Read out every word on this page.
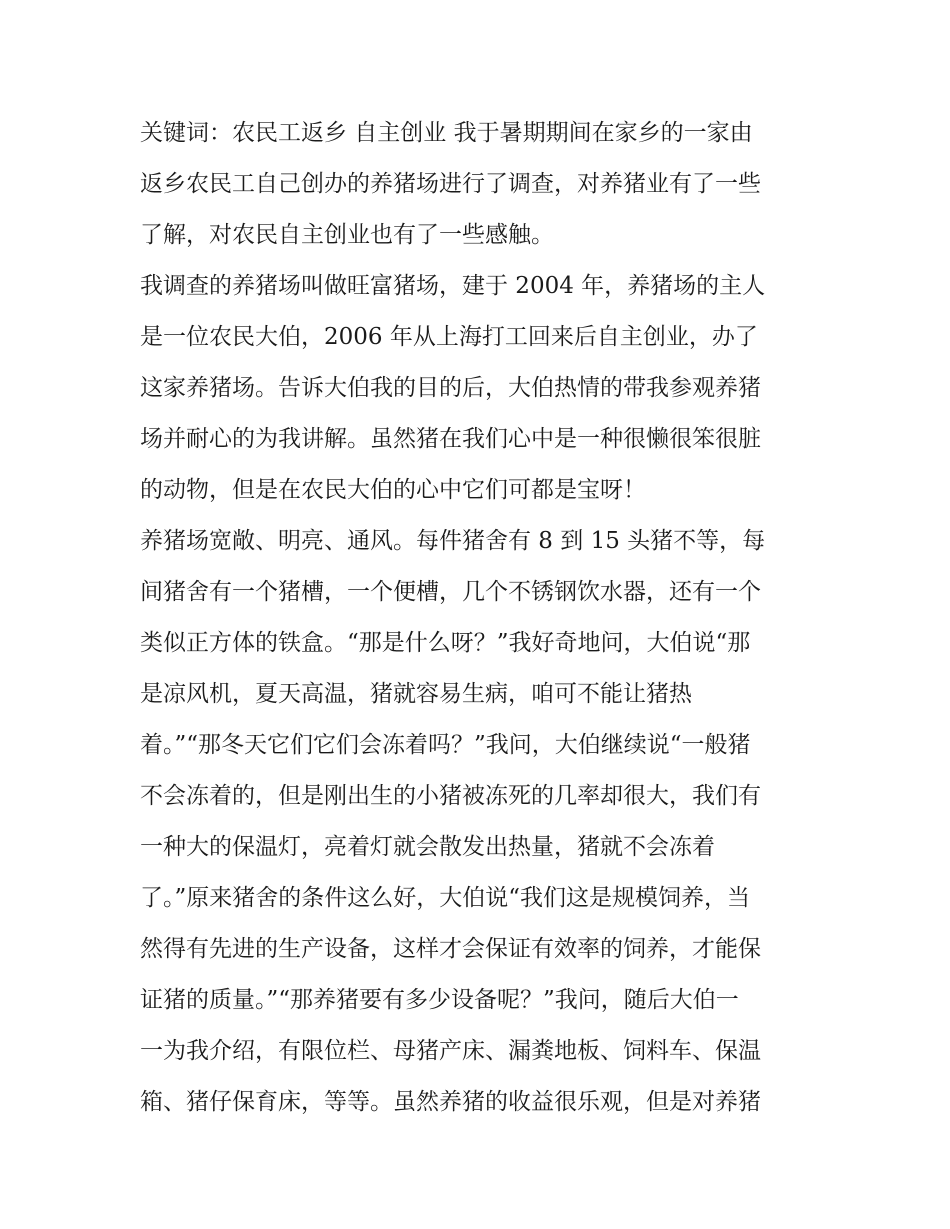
关键词：农民工返乡 自主创业 我于暑期期间在家乡的一家由
返乡农民工自己创办的养猪场进行了调查，对养猪业有了一些
了解，对农民自主创业也有了一些感触。
我调查的养猪场叫做旺富猪场，建于 2004 年，养猪场的主人
是一位农民大伯，2006 年从上海打工回来后自主创业，办了
这家养猪场。告诉大伯我的目的后，大伯热情的带我参观养猪
场并耐心的为我讲解。虽然猪在我们心中是一种很懒很笨很脏
的动物，但是在农民大伯的心中它们可都是宝呀！
养猪场宽敞、明亮、通风。每件猪舍有 8 到 15 头猪不等，每
间猪舍有一个猪槽，一个便槽，几个不锈钢饮水器，还有一个
类似正方体的铁盒。“那是什么呀？”我好奇地问，大伯说“那
是凉风机，夏天高温，猪就容易生病，咱可不能让猪热
着。”“那冬天它们它们会冻着吗？”我问，大伯继续说“一般猪
不会冻着的，但是刚出生的小猪被冻死的几率却很大，我们有
一种大的保温灯，亮着灯就会散发出热量，猪就不会冻着
了。”原来猪舍的条件这么好，大伯说“我们这是规模饲养，当
然得有先进的生产设备，这样才会保证有效率的饲养，才能保
证猪的质量。”“那养猪要有多少设备呢？”我问，随后大伯一
一为我介绍，有限位栏、母猪产床、漏粪地板、饲料车、保温
箱、猪仔保育床，等等。虽然养猪的收益很乐观，但是对养猪
